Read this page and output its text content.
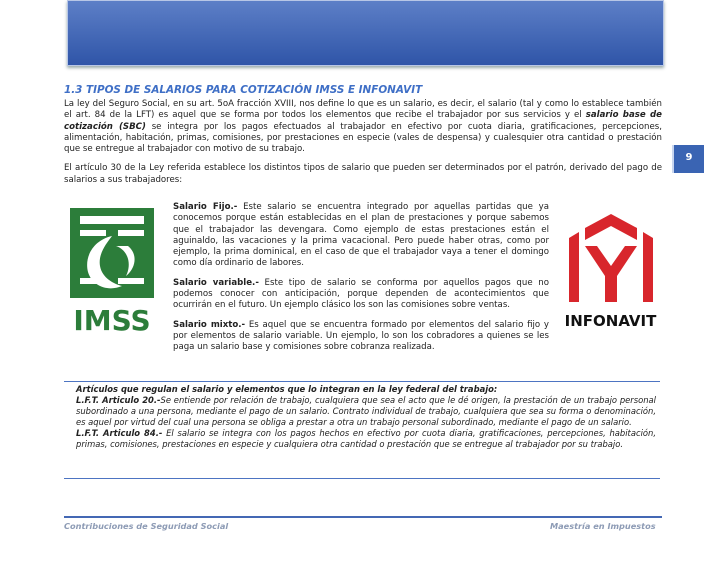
9
1.3 TIPOS DE SALARIOS PARA COTIZACIÓN IMSS E INFONAVIT

La ley del Seguro Social, en su art. 5oA fracción XVIII, nos define lo que es un salario, es decir, el salario (tal y como lo establece también el art. 84 de la LFT) es aquel que se forma por todos los elementos que recibe el trabajador por sus servicios y el salario base de cotización (SBC) se integra por los pagos efectuados al trabajador en efectivo por cuota diaria, gratificaciones, percepciones, alimentación, habitación, primas, comisiones, por prestaciones en especie (vales de despensa) y cualesquier otra cantidad o prestación que se entregue al trabajador con motivo de su trabajo.

El artículo 30 de la Ley referida establece los distintos tipos de salario que pueden ser determinados por el patrón, derivado del pago de salarios a sus trabajadores:

IMSS	INFONAVIT

Salario Fijo.- Este salario se encuentra integrado por aquellas partidas que ya conocemos porque están establecidas en el plan de prestaciones y porque sabemos que el trabajador las devengara. Como ejemplo de estas prestaciones están el aguinaldo, las vacaciones y la prima vacacional. Pero puede haber otras, como por ejemplo, la prima dominical, en el caso de que el trabajador vaya a tener el domingo como día ordinario de labores.

Salario variable.- Este tipo de salario se conforma por aquellos pagos que no podemos conocer con anticipación, porque dependen de acontecimientos que ocurrirán en el futuro. Un ejemplo clásico los son las comisiones sobre ventas.

Salario mixto.- Es aquel que se encuentra formado por elementos del salario fijo y por elementos de salario variable. Un ejemplo, lo son los cobradores a quienes se les paga un salario base y comisiones sobre cobranza realizada.

Artículos que regulan el salario y elementos que lo integran en la ley federal del trabajo:
L.F.T. Articulo 20.-Se entiende por relación de trabajo, cualquiera que sea el acto que le dé origen, la prestación de un trabajo personal subordinado a una persona, mediante el pago de un salario. Contrato individual de trabajo, cualquiera que sea su forma o denominación, es aquel por virtud del cual una persona se obliga a prestar a otra un trabajo personal subordinado, mediante el pago de un salario.
L.F.T. Articulo 84.- El salario se integra con los pagos hechos en efectivo por cuota diaria, gratificaciones, percepciones, habitación, primas, comisiones, prestaciones en especie y cualquiera otra cantidad o prestación que se entregue al trabajador por su trabajo.
Contribuciones de Seguridad Social	Maestría en Impuestos
